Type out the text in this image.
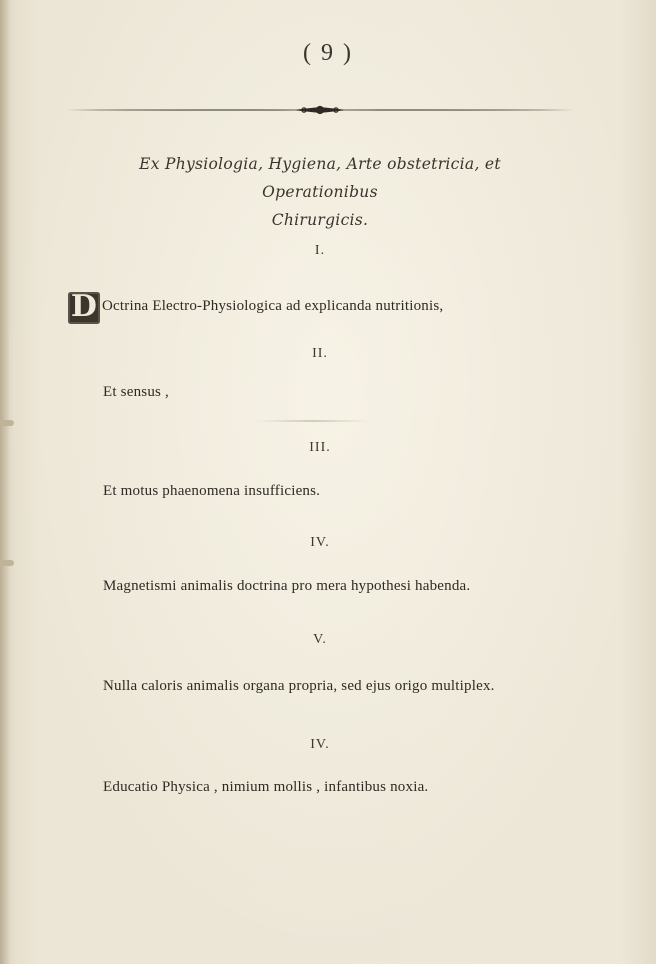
( 9 )
Ex Physiologia, Hygiena, Arte obstetricia, et Operationibus
Chirurgicis.
I.
D Octrina Electro-Physiologica ad explicanda nutritionis,
II.
Et sensus ,
III.
Et motus phaenomena insufficiens.
IV.
Magnetismi animalis doctrina pro mera hypothesi habenda.
V.
Nulla caloris animalis organa propria, sed ejus origo multiplex.
IV.
Educatio Physica , nimium mollis , infantibus noxia.
